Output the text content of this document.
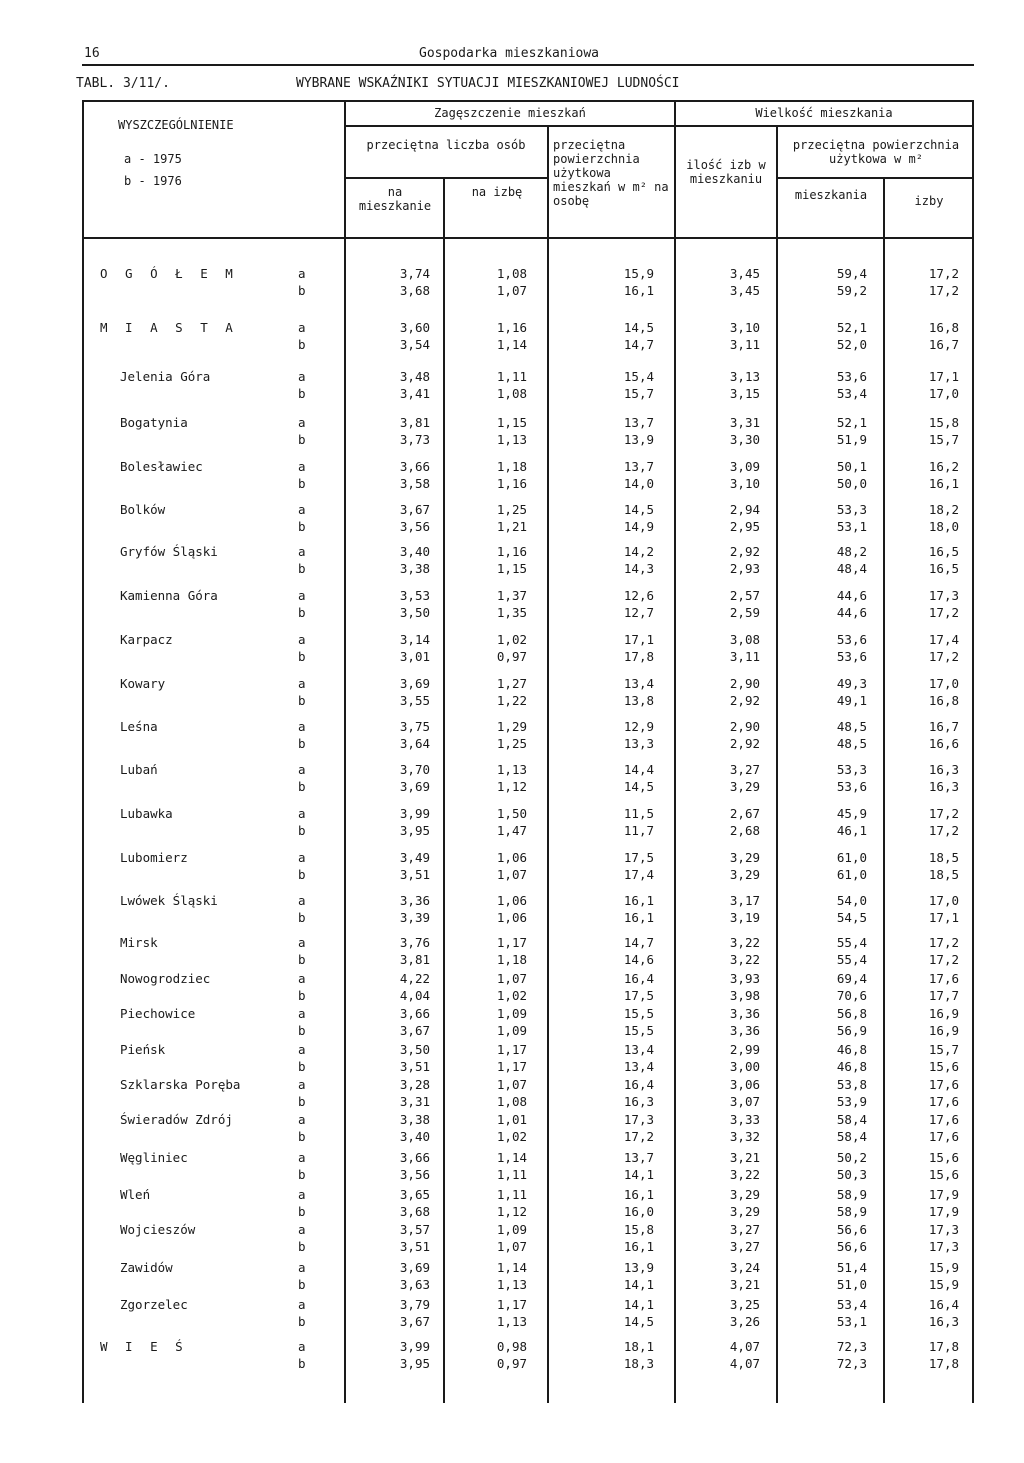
16	Gospodarka mieszkaniowa
TABL. 3/11/.	WYBRANE WSKAŹNIKI SYTUACJI MIESZKANIOWEJ LUDNOŚCI
WYSZCZEGÓLNIENIE
a - 1975
b - 1976
Zagęszczenie mieszkań	Wielkość mieszkania
przeciętna liczba osób
na mieszkanie
na izbę
przeciętna powierzchnia użytkowa mieszkań w m² na osobę
ilość izb w mieszkaniu
przeciętna powierzchnia użytkowa w m²
mieszkania	izby
O G Ó Ł E M	a	3,74	1,08	15,9	3,45	59,4	17,2
b	3,68	1,07	16,1	3,45	59,2	17,2
M I A S T A	a	3,60	1,16	14,5	3,10	52,1	16,8
b	3,54	1,14	14,7	3,11	52,0	16,7
Jelenia Góra	a	3,48	1,11	15,4	3,13	53,6	17,1
b	3,41	1,08	15,7	3,15	53,4	17,0
Bogatynia	a	3,81	1,15	13,7	3,31	52,1	15,8
b	3,73	1,13	13,9	3,30	51,9	15,7
Bolesławiec	a	3,66	1,18	13,7	3,09	50,1	16,2
b	3,58	1,16	14,0	3,10	50,0	16,1
Bolków	a	3,67	1,25	14,5	2,94	53,3	18,2
b	3,56	1,21	14,9	2,95	53,1	18,0
Gryfów Śląski	a	3,40	1,16	14,2	2,92	48,2	16,5
b	3,38	1,15	14,3	2,93	48,4	16,5
Kamienna Góra	a	3,53	1,37	12,6	2,57	44,6	17,3
b	3,50	1,35	12,7	2,59	44,6	17,2
Karpacz	a	3,14	1,02	17,1	3,08	53,6	17,4
b	3,01	0,97	17,8	3,11	53,6	17,2
Kowary	a	3,69	1,27	13,4	2,90	49,3	17,0
b	3,55	1,22	13,8	2,92	49,1	16,8
Leśna	a	3,75	1,29	12,9	2,90	48,5	16,7
b	3,64	1,25	13,3	2,92	48,5	16,6
Lubań	a	3,70	1,13	14,4	3,27	53,3	16,3
b	3,69	1,12	14,5	3,29	53,6	16,3
Lubawka	a	3,99	1,50	11,5	2,67	45,9	17,2
b	3,95	1,47	11,7	2,68	46,1	17,2
Lubomierz	a	3,49	1,06	17,5	3,29	61,0	18,5
b	3,51	1,07	17,4	3,29	61,0	18,5
Lwówek Śląski	a	3,36	1,06	16,1	3,17	54,0	17,0
b	3,39	1,06	16,1	3,19	54,5	17,1
Mirsk	a	3,76	1,17	14,7	3,22	55,4	17,2
b	3,81	1,18	14,6	3,22	55,4	17,2
Nowogrodziec	a	4,22	1,07	16,4	3,93	69,4	17,6
b	4,04	1,02	17,5	3,98	70,6	17,7
Piechowice	a	3,66	1,09	15,5	3,36	56,8	16,9
b	3,67	1,09	15,5	3,36	56,9	16,9
Pieńsk	a	3,50	1,17	13,4	2,99	46,8	15,7
b	3,51	1,17	13,4	3,00	46,8	15,6
Szklarska Poręba	a	3,28	1,07	16,4	3,06	53,8	17,6
b	3,31	1,08	16,3	3,07	53,9	17,6
Świeradów Zdrój	a	3,38	1,01	17,3	3,33	58,4	17,6
b	3,40	1,02	17,2	3,32	58,4	17,6
Węgliniec	a	3,66	1,14	13,7	3,21	50,2	15,6
b	3,56	1,11	14,1	3,22	50,3	15,6
Wleń	a	3,65	1,11	16,1	3,29	58,9	17,9
b	3,68	1,12	16,0	3,29	58,9	17,9
Wojcieszów	a	3,57	1,09	15,8	3,27	56,6	17,3
b	3,51	1,07	16,1	3,27	56,6	17,3
Zawidów	a	3,69	1,14	13,9	3,24	51,4	15,9
b	3,63	1,13	14,1	3,21	51,0	15,9
Zgorzelec	a	3,79	1,17	14,1	3,25	53,4	16,4
b	3,67	1,13	14,5	3,26	53,1	16,3
W I E Ś	a	3,99	0,98	18,1	4,07	72,3	17,8
b	3,95	0,97	18,3	4,07	72,3	17,8
